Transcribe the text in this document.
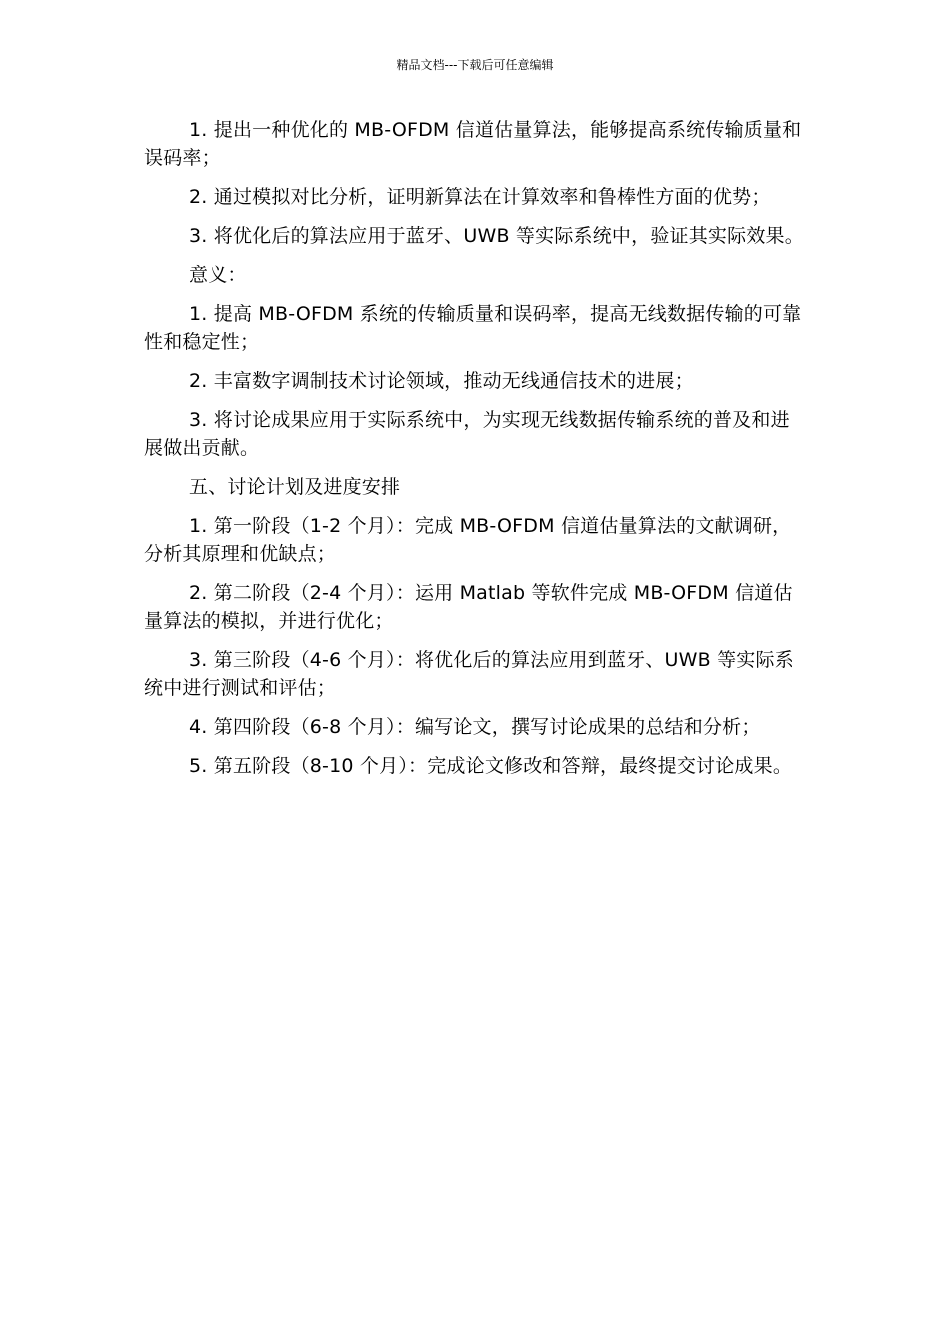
精品文档---下载后可任意编辑

1. 提出一种优化的 MB-OFDM 信道估量算法，能够提高系统传输质量和误码率；

2. 通过模拟对比分析，证明新算法在计算效率和鲁棒性方面的优势；

3. 将优化后的算法应用于蓝牙、UWB 等实际系统中，验证其实际效果。

意义：

1. 提高 MB-OFDM 系统的传输质量和误码率，提高无线数据传输的可靠性和稳定性；

2. 丰富数字调制技术讨论领域，推动无线通信技术的进展；

3. 将讨论成果应用于实际系统中，为实现无线数据传输系统的普及和进展做出贡献。

五、讨论计划及进度安排

1. 第一阶段（1-2 个月）：完成 MB-OFDM 信道估量算法的文献调研，分析其原理和优缺点；

2. 第二阶段（2-4 个月）：运用 Matlab 等软件完成 MB-OFDM 信道估量算法的模拟，并进行优化；

3. 第三阶段（4-6 个月）：将优化后的算法应用到蓝牙、UWB 等实际系统中进行测试和评估；

4. 第四阶段（6-8 个月）：编写论文，撰写讨论成果的总结和分析；

5. 第五阶段（8-10 个月）：完成论文修改和答辩，最终提交讨论成果。
